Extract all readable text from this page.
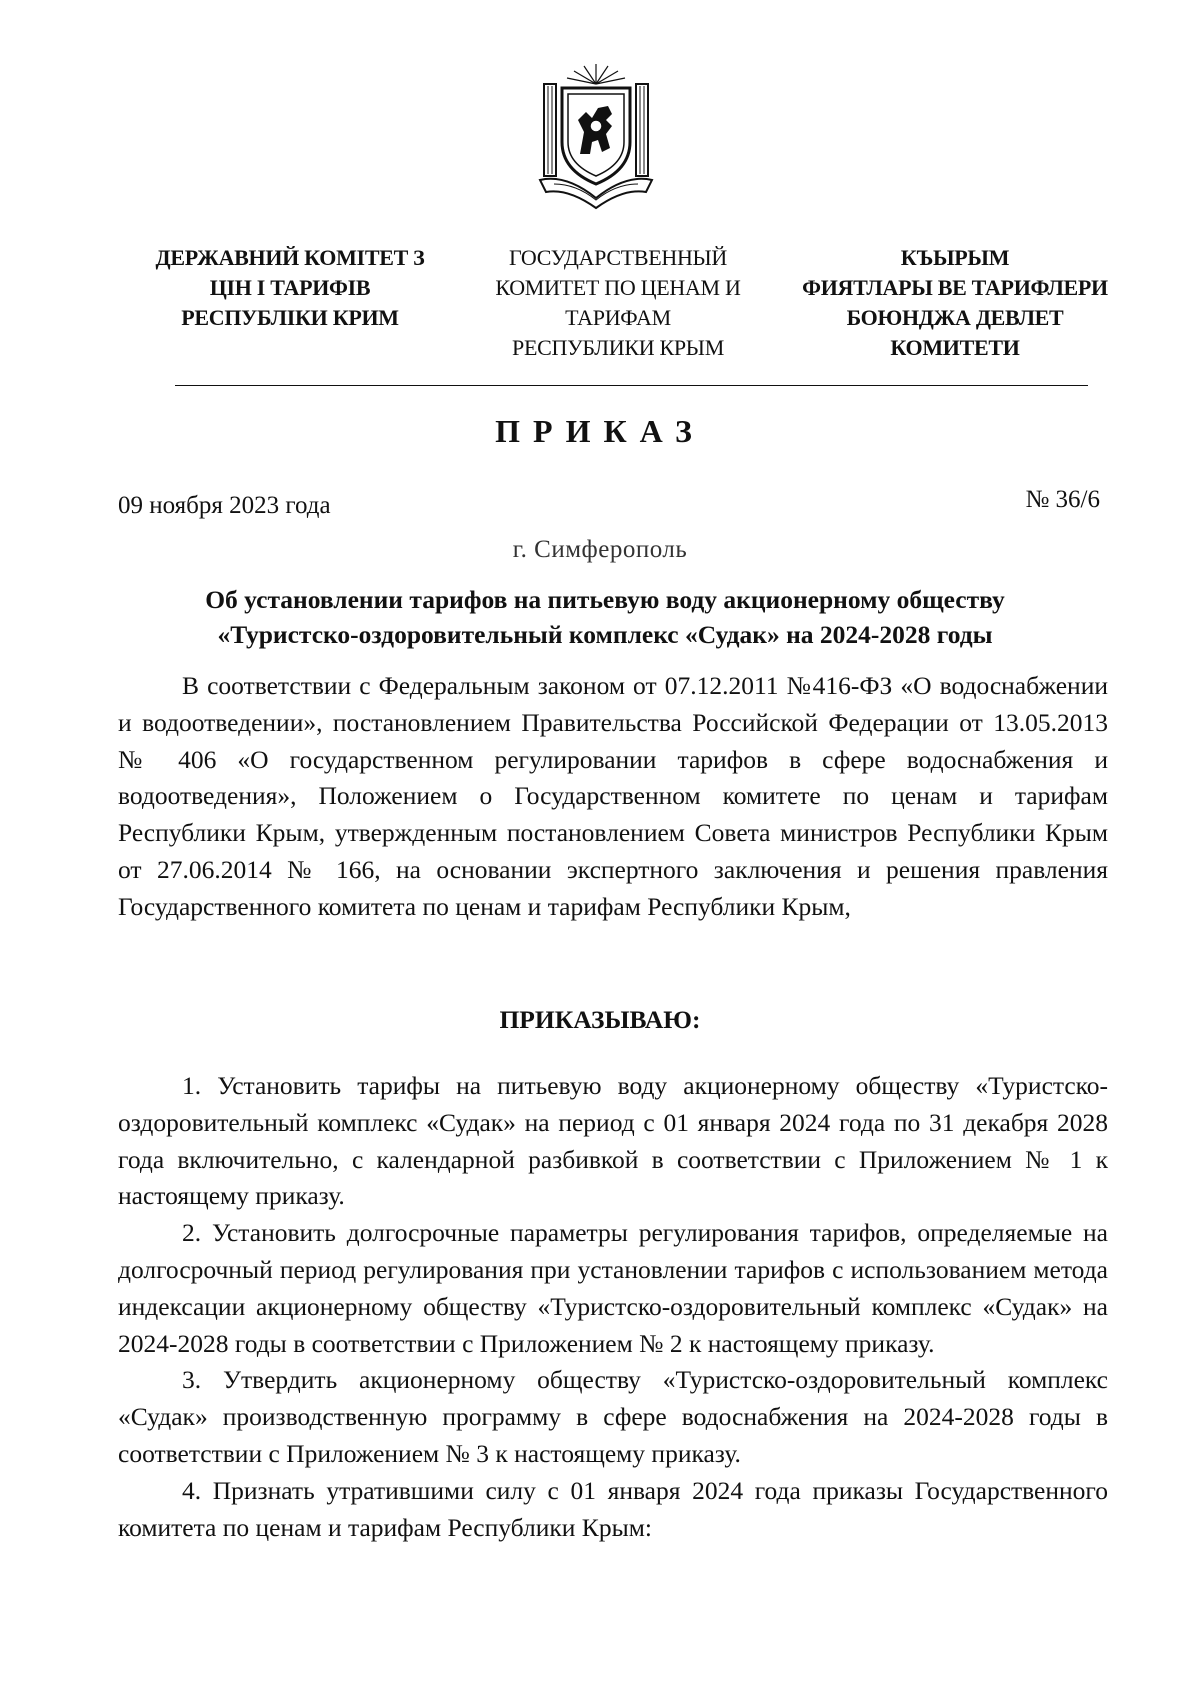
ДЕРЖАВНИЙ КОМІТЕТ З
ЦІН І ТАРИФІВ
РЕСПУБЛІКИ КРИМ
ГОСУДАРСТВЕННЫЙ
КОМИТЕТ ПО ЦЕНАМ И
ТАРИФАМ
РЕСПУБЛИКИ КРЫМ
КЪЫРЫМ
ФИЯТЛАРЫ ВЕ ТАРИФЛЕРИ
БОЮНДЖА ДЕВЛЕТ
КОМИТЕТИ
ПРИКАЗ
09 ноября 2023 года	№ 36/6
г. Симферополь
Об установлении тарифов на питьевую воду акционерному обществу
«Туристско-оздоровительный комплекс «Судак» на 2024-2028 годы

В соответствии с Федеральным законом от 07.12.2011 №416-ФЗ «О водоснабжении и водоотведении», постановлением Правительства Российской Федерации от 13.05.2013 № 406 «О государственном регулировании тарифов в сфере водоснабжения и водоотведения», Положением о Государственном комитете по ценам и тарифам Республики Крым, утвержденным постановлением Совета министров Республики Крым от 27.06.2014 № 166, на основании экспертного заключения и решения правления Государственного комитета по ценам и тарифам Республики Крым,

ПРИКАЗЫВАЮ:

1. Установить тарифы на питьевую воду акционерному обществу «Туристско-оздоровительный комплекс «Судак» на период с 01 января 2024 года по 31 декабря 2028 года включительно, с календарной разбивкой в соответствии с Приложением № 1 к настоящему приказу.

2. Установить долгосрочные параметры регулирования тарифов, определяемые на долгосрочный период регулирования при установлении тарифов с использованием метода индексации акционерному обществу «Туристско-оздоровительный комплекс «Судак» на 2024-2028 годы в соответствии с Приложением № 2 к настоящему приказу.

3. Утвердить акционерному обществу «Туристско-оздоровительный комплекс «Судак» производственную программу в сфере водоснабжения на 2024-2028 годы в соответствии с Приложением № 3 к настоящему приказу.

4. Признать утратившими силу с 01 января 2024 года приказы Государственного комитета по ценам и тарифам Республики Крым:
